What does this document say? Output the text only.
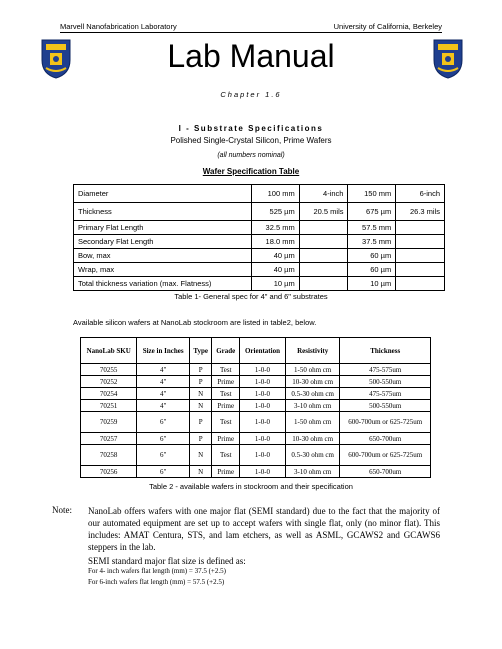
Marvell Nanofabrication Laboratory	University of California, Berkeley
Lab Manual
Chapter 1.6
I - Substrate Specifications
Polished Single-Crystal Silicon, Prime Wafers
(all numbers nominal)
Wafer Specification Table
Diameter	100 mm	4-inch	150 mm	6-inch
Thickness	525 µm	20.5 mils	675 µm	26.3 mils
Primary Flat Length	32.5 mm		57.5 mm	
Secondary Flat Length	18.0 mm		37.5 mm	
Bow, max	40 µm		60 µm	
Wrap, max	40 µm		60 µm	
Total thickness variation (max. Flatness)	10 µm		10 µm	
Table 1- General spec for 4" and 6" substrates
Available silicon wafers at NanoLab stockroom are listed in table2, below.
NanoLab SKU	Size in Inches	Type	Grade	Orientation	Resistivity	Thickness
70255	4"	P	Test	1-0-0	1-50 ohm cm	475-575um
70252	4"	P	Prime	1-0-0	10-30 ohm cm	500-550um
70254	4"	N	Test	1-0-0	0.5-30 ohm cm	475-575um
70251	4"	N	Prime	1-0-0	3-10 ohm cm	500-550um
70259	6"	P	Test	1-0-0	1-50 ohm cm	600-700um or 625-725um
70257	6"	P	Prime	1-0-0	10-30 ohm cm	650-700um
70258	6"	N	Test	1-0-0	0.5-30 ohm cm	600-700um or 625-725um
70256	6"	N	Prime	1-0-0	3-10 ohm cm	650-700um
Table 2 - available wafers in stockroom and their specification
Note: NanoLab offers wafers with one major flat (SEMI standard) due to the fact that the majority of our automated equipment are set up to accept wafers with single flat, only (no minor flat). This includes: AMAT Centura, STS, and lam etchers, as well as ASML, GCAWS2 and GCAWS6 steppers in the lab.
SEMI standard major flat size is defined as:
For 4- inch wafers flat length (mm) = 37.5 (+2.5)
For 6-inch wafers flat length (mm) = 57.5 (+2.5)
